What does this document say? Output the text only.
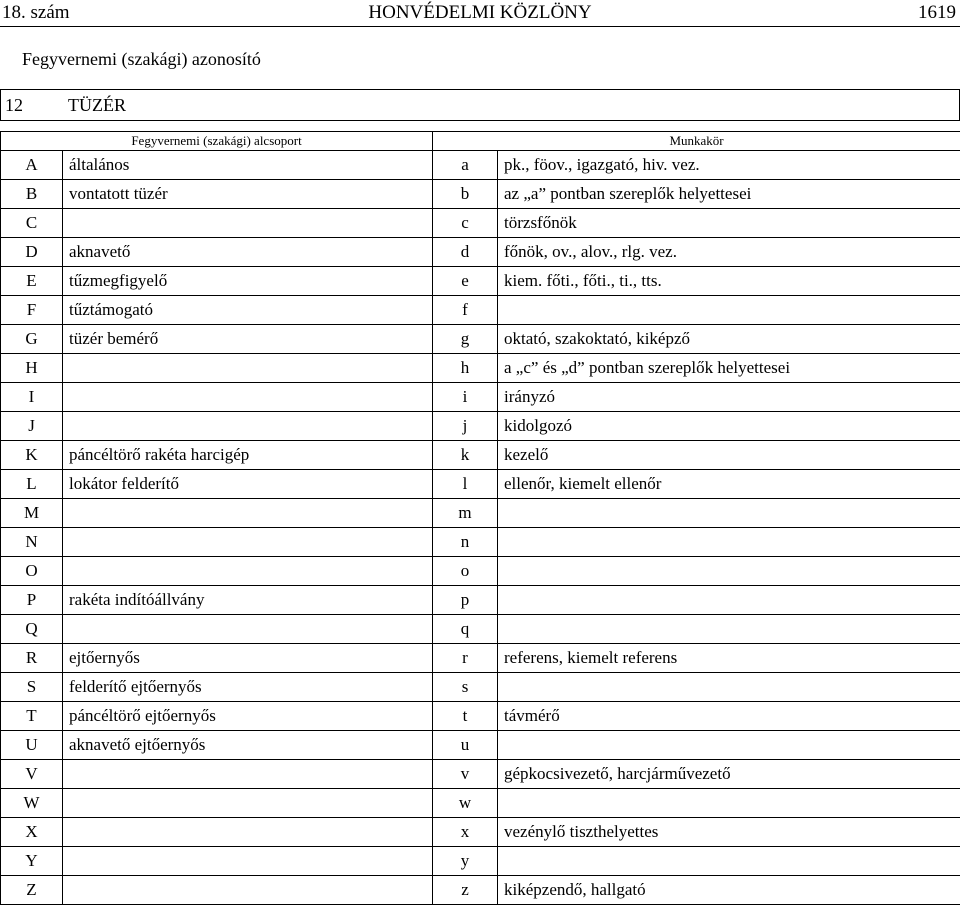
HONVÉDELMI KÖZLÖNY
18. szám	1619
Fegyvernemi (szakági) azonosító
12	TÜZÉR
Fegyvernemi (szakági) alcsoport		Munkakör	
A	általános	a	pk., föov., igazgató, hiv. vez.
B	vontatott tüzér	b	az „a” pontban szereplők helyettesei
C		c	törzsfőnök
D	aknavető	d	főnök, ov., alov., rlg. vez.
E	tűzmegfigyelő	e	kiem. főti., főti., ti., tts.
F	tűztámogató	f	
G	tüzér bemérő	g	oktató, szakoktató, kiképző
H		h	a „c” és „d” pontban szereplők helyettesei
I		i	irányzó
J		j	kidolgozó
K	páncéltörő rakéta harcigép	k	kezelő
L	lokátor felderítő	l	ellenőr, kiemelt ellenőr
M		m	
N		n	
O		o	
P	rakéta indítóállvány	p	
Q		q	
R	ejtőernyős	r	referens, kiemelt referens
S	felderítő ejtőernyős	s	
T	páncéltörő ejtőernyős	t	távmérő
U	aknavető ejtőernyős	u	
V		v	gépkocsivezető, harcjárművezető
W		w	
X		x	vezénylő tiszthelyettes
Y		y	
Z		z	kiképzendő, hallgató
